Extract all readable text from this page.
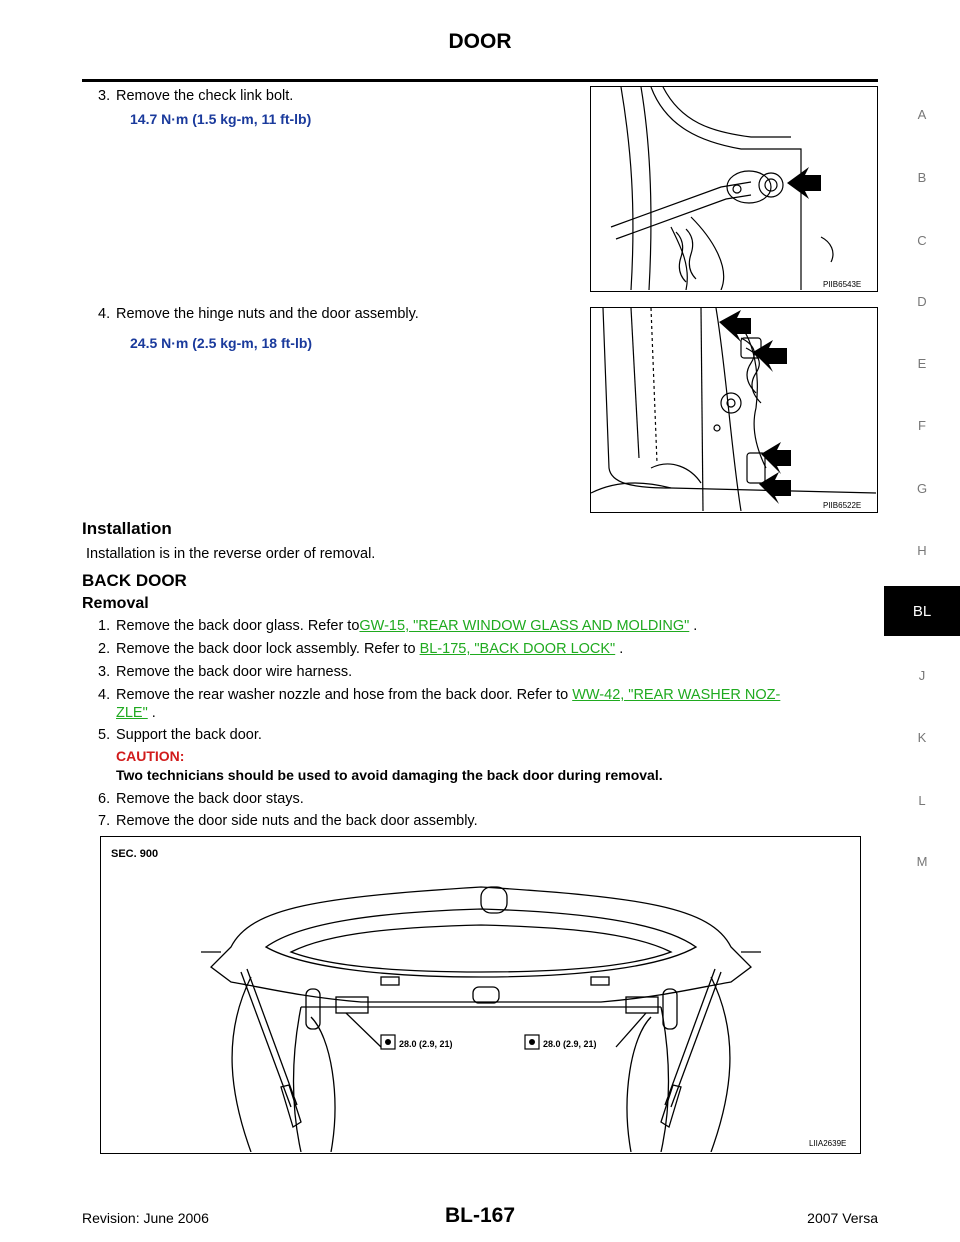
DOOR
3. Remove the check link bolt.
14.7 N·m (1.5 kg-m, 11 ft-lb)
PIIB6543E
4. Remove the hinge nuts and the door assembly.
24.5 N·m (2.5 kg-m, 18 ft-lb)
PIIB6522E
Installation
Installation is in the reverse order of removal.
BACK DOOR
Removal
1. Remove the back door glass. Refer toGW-15, "REAR WINDOW GLASS AND MOLDING" .
2. Remove the back door lock assembly. Refer to BL-175, "BACK DOOR LOCK" .
3. Remove the back door wire harness.
4. Remove the rear washer nozzle and hose from the back door. Refer to WW-42, "REAR WASHER NOZ-
ZLE" .
5. Support the back door.
CAUTION:
Two technicians should be used to avoid damaging the back door during removal.
6. Remove the back door stays.
7. Remove the door side nuts and the back door assembly.
SEC. 900
28.0 (2.9, 21)	28.0 (2.9, 21)
LIIA2639E
A
B
C
D
E
F
G
H
BL
J
K
L
M
Revision: June 2006	BL-167	2007 Versa
